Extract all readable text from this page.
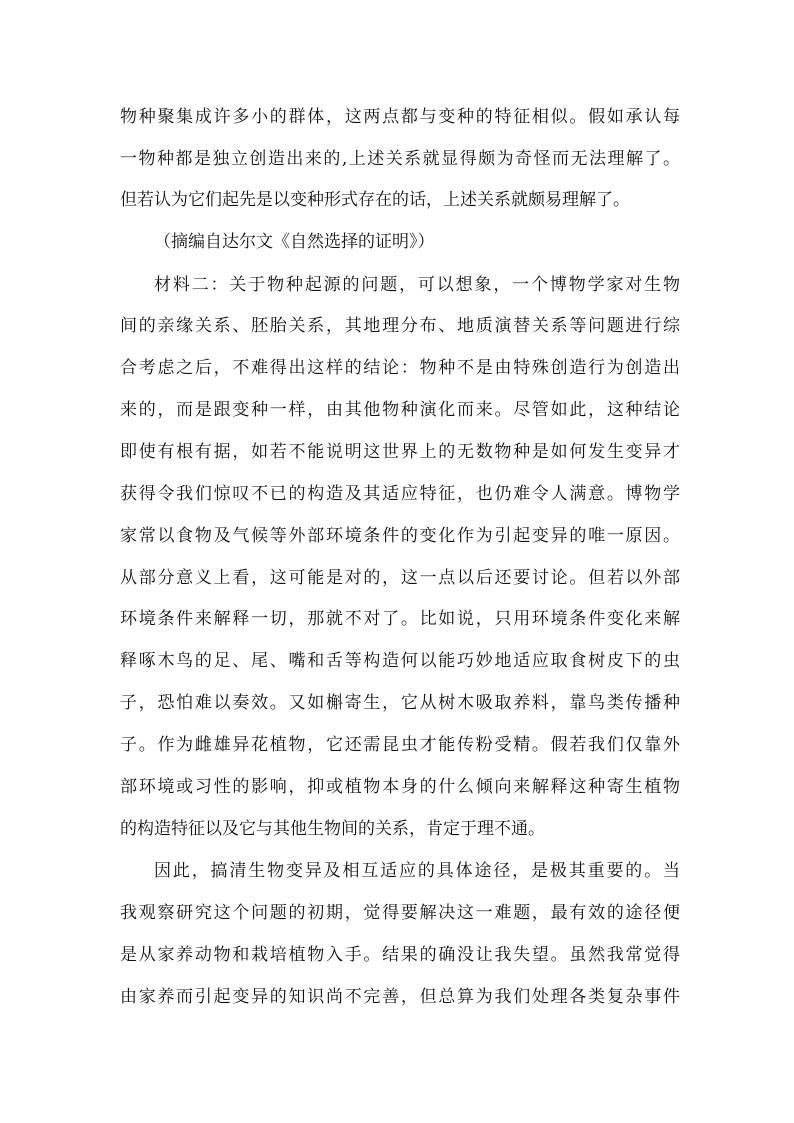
物种聚集成许多小的群体，这两点都与变种的特征相似。假如承认每
一物种都是独立创造出来的,上述关系就显得颇为奇怪而无法理解了。
但若认为它们起先是以变种形式存在的话，上述关系就颇易理解了。
（摘编自达尔文《自然选择的证明》）
材料二：关于物种起源的问题，可以想象，一个博物学家对生物
间的亲缘关系、胚胎关系，其地理分布、地质演替关系等问题进行综
合考虑之后，不难得出这样的结论：物种不是由特殊创造行为创造出
来的，而是跟变种一样，由其他物种演化而来。尽管如此，这种结论
即使有根有据，如若不能说明这世界上的无数物种是如何发生变异才
获得令我们惊叹不已的构造及其适应特征，也仍难令人满意。博物学
家常以食物及气候等外部环境条件的变化作为引起变异的唯一原因。
从部分意义上看，这可能是对的，这一点以后还要讨论。但若以外部
环境条件来解释一切，那就不对了。比如说，只用环境条件变化来解
释啄木鸟的足、尾、嘴和舌等构造何以能巧妙地适应取食树皮下的虫
子，恐怕难以奏效。又如槲寄生，它从树木吸取养料，靠鸟类传播种
子。作为雌雄异花植物，它还需昆虫才能传粉受精。假若我们仅靠外
部环境或习性的影响，抑或植物本身的什么倾向来解释这种寄生植物
的构造特征以及它与其他生物间的关系，肯定于理不通。
因此，搞清生物变异及相互适应的具体途径，是极其重要的。当
我观察研究这个问题的初期，觉得要解决这一难题，最有效的途径便
是从家养动物和栽培植物入手。结果的确没让我失望。虽然我常觉得
由家养而引起变异的知识尚不完善，但总算为我们处理各类复杂事件
